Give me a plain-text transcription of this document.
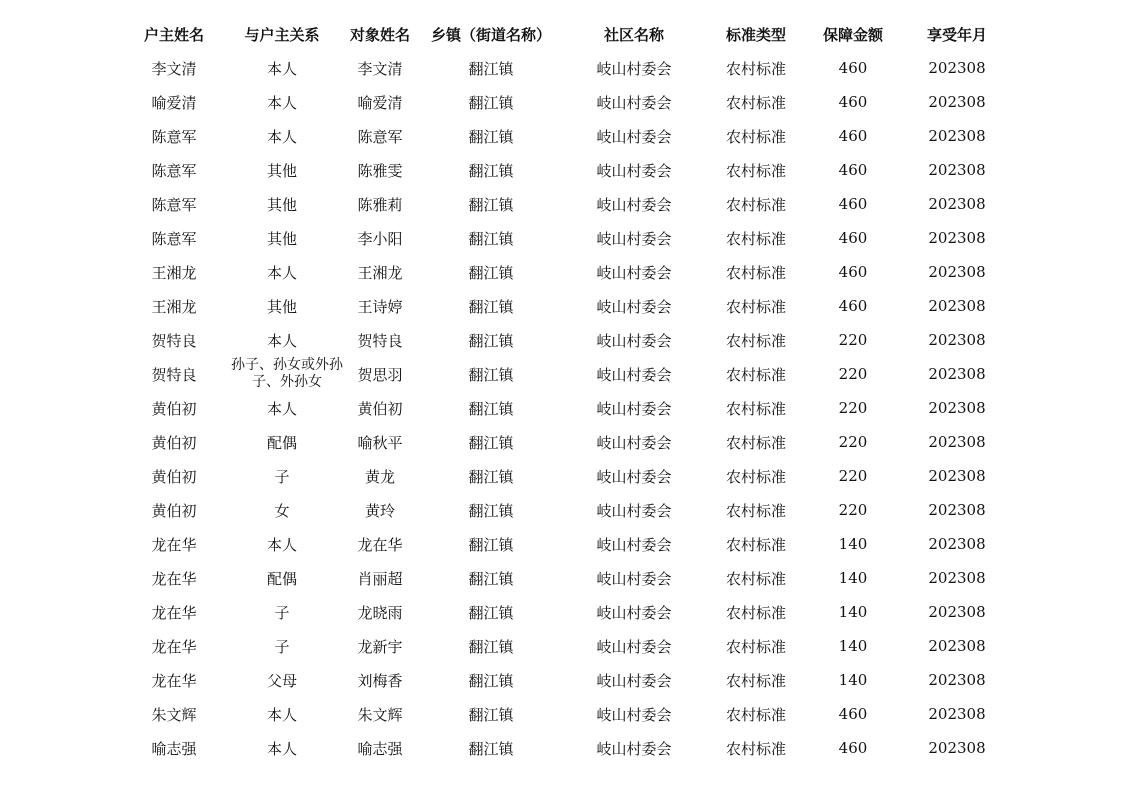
户主姓名	与户主关系	对象姓名	乡镇（街道名称）	社区名称	标准类型	保障金额	享受年月
李文清	本人	李文清	翻江镇	岐山村委会	农村标准	460	202308
喻爱清	本人	喻爱清	翻江镇	岐山村委会	农村标准	460	202308
陈意军	本人	陈意军	翻江镇	岐山村委会	农村标准	460	202308
陈意军	其他	陈雅雯	翻江镇	岐山村委会	农村标准	460	202308
陈意军	其他	陈雅莉	翻江镇	岐山村委会	农村标准	460	202308
陈意军	其他	李小阳	翻江镇	岐山村委会	农村标准	460	202308
王湘龙	本人	王湘龙	翻江镇	岐山村委会	农村标准	460	202308
王湘龙	其他	王诗婷	翻江镇	岐山村委会	农村标准	460	202308
贺特良	本人	贺特良	翻江镇	岐山村委会	农村标准	220	202308
贺特良	孙子、孙女或外孙子、外孙女	贺思羽	翻江镇	岐山村委会	农村标准	220	202308
黄伯初	本人	黄伯初	翻江镇	岐山村委会	农村标准	220	202308
黄伯初	配偶	喻秋平	翻江镇	岐山村委会	农村标准	220	202308
黄伯初	子	黄龙	翻江镇	岐山村委会	农村标准	220	202308
黄伯初	女	黄玲	翻江镇	岐山村委会	农村标准	220	202308
龙在华	本人	龙在华	翻江镇	岐山村委会	农村标准	140	202308
龙在华	配偶	肖丽超	翻江镇	岐山村委会	农村标准	140	202308
龙在华	子	龙晓雨	翻江镇	岐山村委会	农村标准	140	202308
龙在华	子	龙新宇	翻江镇	岐山村委会	农村标准	140	202308
龙在华	父母	刘梅香	翻江镇	岐山村委会	农村标准	140	202308
朱文辉	本人	朱文辉	翻江镇	岐山村委会	农村标准	460	202308
喻志强	本人	喻志强	翻江镇	岐山村委会	农村标准	460	202308
